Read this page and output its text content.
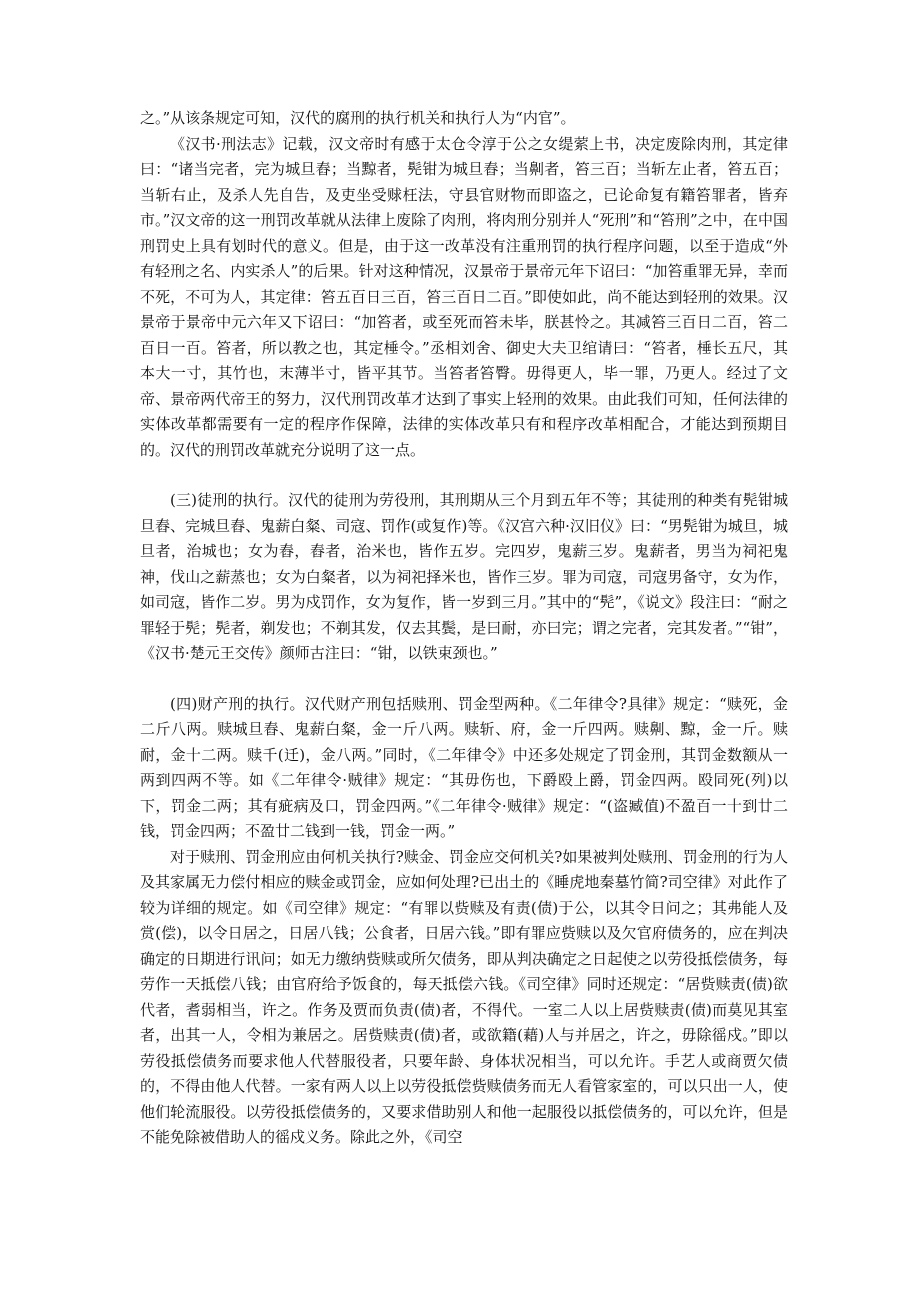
之。”从该条规定可知，汉代的腐刑的执行机关和执行人为“内官”。

《汉书·刑法志》记载，汉文帝时有感于太仓令淳于公之女缇萦上书，决定废除肉刑，其定律曰：“诸当完者，完为城旦舂；当黥者，髡钳为城旦舂；当劓者，笞三百；当斩左止者，笞五百；当斩右止，及杀人先自告，及吏坐受赇枉法，守县官财物而即盗之，已论命复有籍笞罪者，皆弃市。”汉文帝的这一刑罚改革就从法律上废除了肉刑，将肉刑分别并人“死刑”和“笞刑”之中，在中国刑罚史上具有划时代的意义。但是，由于这一改革没有注重刑罚的执行程序问题，以至于造成“外有轻刑之名、内实杀人”的后果。针对这种情况，汉景帝于景帝元年下诏曰：“加笞重罪无异，幸而不死，不可为人，其定律：笞五百日三百，笞三百日二百。”即使如此，尚不能达到轻刑的效果。汉景帝于景帝中元六年又下诏曰：“加笞者，或至死而笞未毕，朕甚怜之。其减笞三百日二百，笞二百日一百。笞者，所以教之也，其定棰令。”丞相刘舍、御史大夫卫绾请曰：“笞者，棰长五尺，其本大一寸，其竹也，末薄半寸，皆平其节。当笞者笞臀。毋得更人，毕一罪，乃更人。经过了文帝、景帝两代帝王的努力，汉代刑罚改革才达到了事实上轻刑的效果。由此我们可知，任何法律的实体改革都需要有一定的程序作保障，法律的实体改革只有和程序改革相配合，才能达到预期目的。汉代的刑罚改革就充分说明了这一点。

(三)徒刑的执行。汉代的徒刑为劳役刑，其刑期从三个月到五年不等；其徒刑的种类有髡钳城旦舂、完城旦舂、鬼薪白粲、司寇、罚作(或复作)等。《汉宫六种·汉旧仪》曰：“男髡钳为城旦，城旦者，治城也；女为舂，舂者，治米也，皆作五岁。完四岁，鬼薪三岁。鬼薪者，男当为祠祀鬼神，伐山之薪蒸也；女为白粲者，以为祠祀择米也，皆作三岁。罪为司寇，司寇男备守，女为作，如司寇，皆作二岁。男为戍罚作，女为复作，皆一岁到三月。”其中的“髡”，《说文》段注曰：“耐之罪轻于髡；髡者，剃发也；不剃其发，仅去其鬓，是曰耐，亦曰完；谓之完者，完其发者。”“钳”，《汉书·楚元王交传》颜师古注曰：“钳，以铁束颈也。”

(四)财产刑的执行。汉代财产刑包括赎刑、罚金型两种。《二年律令?具律》规定：“赎死，金二斤八两。赎城旦舂、鬼薪白粲，金一斤八两。赎斩、府，金一斤四两。赎劓、黥，金一斤。赎耐，金十二两。赎千(迁)，金八两。”同时，《二年律令》中还多处规定了罚金刑，其罚金数额从一两到四两不等。如《二年律令·贼律》规定：“其毋伤也，下爵殴上爵，罚金四两。殴同死(列)以下，罚金二两；其有疵病及口，罚金四两。”《二年律令·贼律》规定：“(盗臧值)不盈百一十到廿二钱，罚金四两；不盈廿二钱到一钱，罚金一两。”

对于赎刑、罚金刑应由何机关执行?赎金、罚金应交何机关?如果被判处赎刑、罚金刑的行为人及其家属无力偿付相应的赎金或罚金，应如何处理?已出土的《睡虎地秦墓竹简?司空律》对此作了较为详细的规定。如《司空律》规定：“有罪以赀赎及有责(债)于公，以其令日问之；其弗能人及赏(偿)，以令日居之，日居八钱；公食者，日居六钱。”即有罪应赀赎以及欠官府债务的，应在判决确定的日期进行讯问；如无力缴纳赀赎或所欠债务，即从判决确定之日起使之以劳役抵偿债务，每劳作一天抵偿八钱；由官府给予饭食的，每天抵偿六钱。《司空律》同时还规定：“居赀赎责(债)欲代者，耆弱相当，许之。作务及贾而负责(债)者，不得代。一室二人以上居赀赎责(债)而莫见其室者，出其一人，令相为兼居之。居赀赎责(债)者，或欲籍(藉)人与并居之，许之，毋除徭戍。”即以劳役抵偿债务而要求他人代替服役者，只要年龄、身体状况相当，可以允许。手艺人或商贾欠债的，不得由他人代替。一家有两人以上以劳役抵偿赀赎债务而无人看管家室的，可以只出一人，使他们轮流服役。以劳役抵偿债务的，又要求借助别人和他一起服役以抵偿债务的，可以允许，但是不能免除被借助人的徭戍义务。除此之外，《司空
